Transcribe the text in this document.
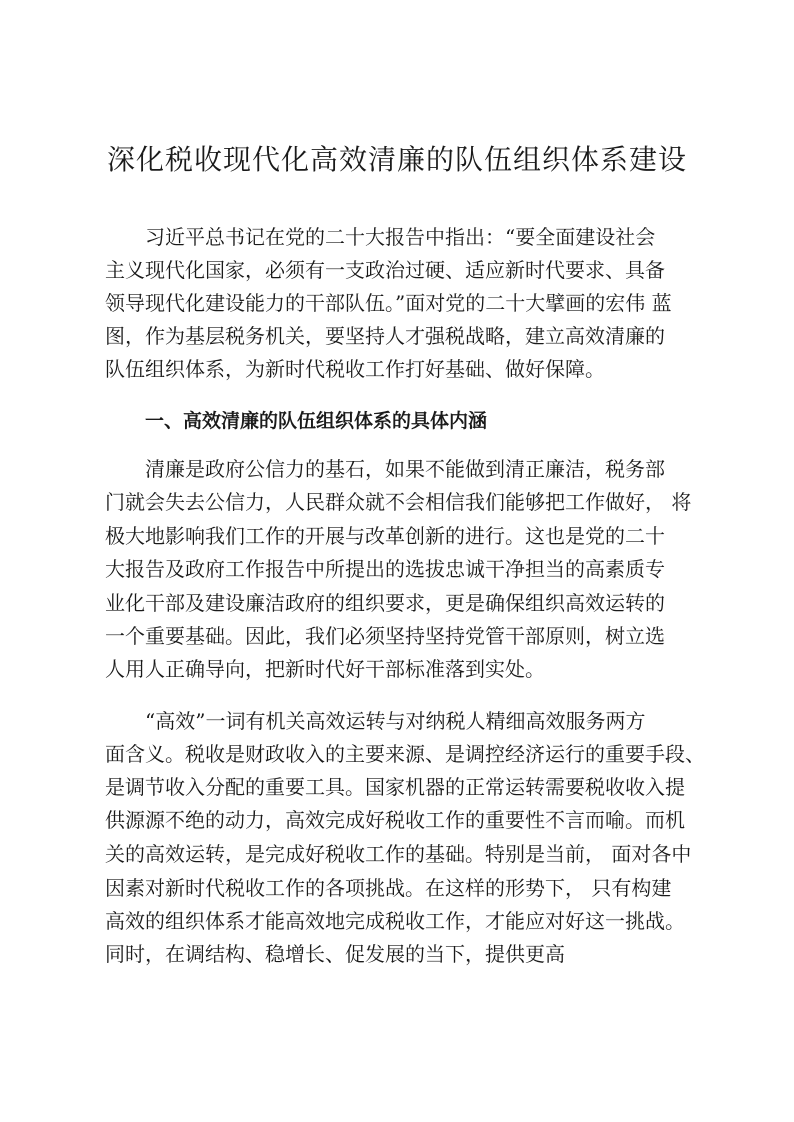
深化税收现代化高效清廉的队伍组织体系建设
习近平总书记在党的二十大报告中指出：“要全面建设社会
主义现代化国家，必须有一支政治过硬、适应新时代要求、具备
领导现代化建设能力的干部队伍。”面对党的二十大擘画的宏伟 蓝
图，作为基层税务机关，要坚持人才强税战略，建立高效清廉的
队伍组织体系，为新时代税收工作打好基础、做好保障。
一、高效清廉的队伍组织体系的具体内涵
清廉是政府公信力的基石，如果不能做到清正廉洁，税务部
门就会失去公信力，人民群众就不会相信我们能够把工作做好， 将
极大地影响我们工作的开展与改革创新的进行。这也是党的二十
大报告及政府工作报告中所提出的选拔忠诚干净担当的高素质专
业化干部及建设廉洁政府的组织要求，更是确保组织高效运转的
一个重要基础。因此，我们必须坚持坚持党管干部原则，树立选
人用人正确导向，把新时代好干部标准落到实处。
“高效”一词有机关高效运转与对纳税人精细高效服务两方
面含义。税收是财政收入的主要来源、是调控经济运行的重要手段、
是调节收入分配的重要工具。国家机器的正常运转需要税收收入提
供源源不绝的动力，高效完成好税收工作的重要性不言而喻。而机
关的高效运转，是完成好税收工作的基础。特别是当前， 面对各中
因素对新时代税收工作的各项挑战。在这样的形势下， 只有构建
高效的组织体系才能高效地完成税收工作，才能应对好这一挑战。
同时，在调结构、稳增长、促发展的当下，提供更高
